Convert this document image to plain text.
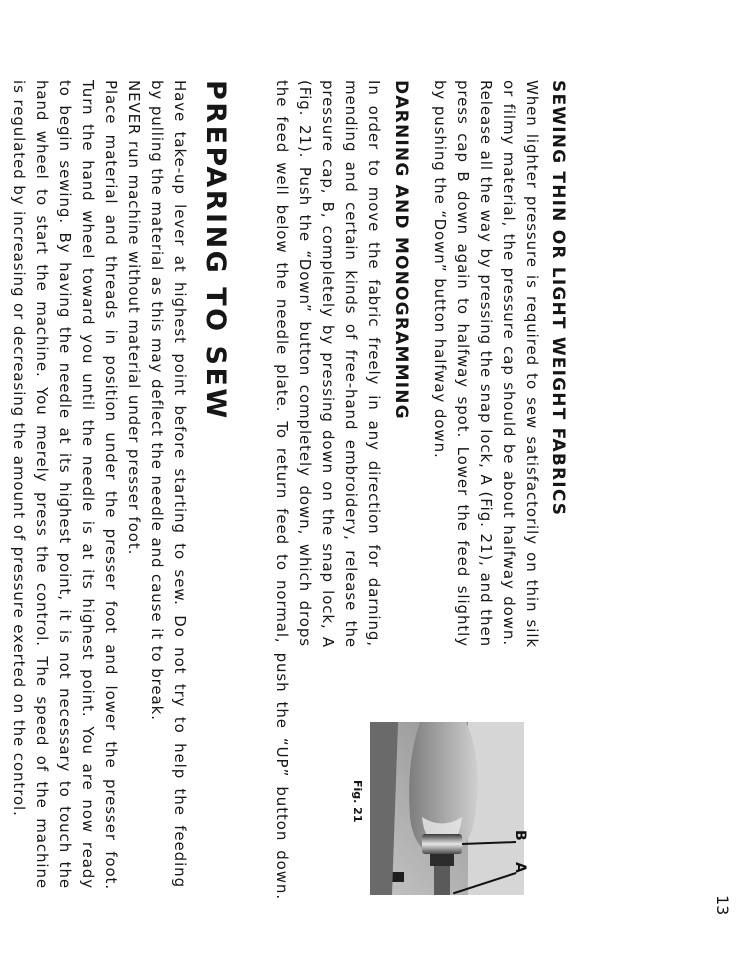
13
SEWING THIN OR LIGHT WEIGHT FABRICS
When lighter pressure is required to sew satisfactorily on thin silk
or filmy material, the pressure cap should be about halfway down.
Release all the way by pressing the snap lock, A (Fig. 21), and then
press cap B down again to halfway spot. Lower the feed slightly
by pushing the “Down” button halfway down.
DARNING AND MONOGRAMMING
In order to move the fabric freely in any direction for darning,
mending and certain kinds of free-hand embroidery, release the
pressure cap, B, completely by pressing down on the snap lock, A
(Fig. 21). Push the “Down” button completely down, which drops
the feed well below the needle plate. To return feed to normal, push the “UP” button down.	B
A
Fig. 21
PREPARING TO SEW
Have take-up lever at highest point before starting to sew. Do not try to help the feeding
by pulling the material as this may deflect the needle and cause it to break.
NEVER run machine without material under presser foot.
Place material and threads in position under the presser foot and lower the presser foot.
Turn the hand wheel toward you until the needle is at its highest point. You are now ready
to begin sewing. By having the needle at its highest point, it is not necessary to touch the
hand wheel to start the machine. You merely press the control. The speed of the machine
is regulated by increasing or decreasing the amount of pressure exerted on the control.
